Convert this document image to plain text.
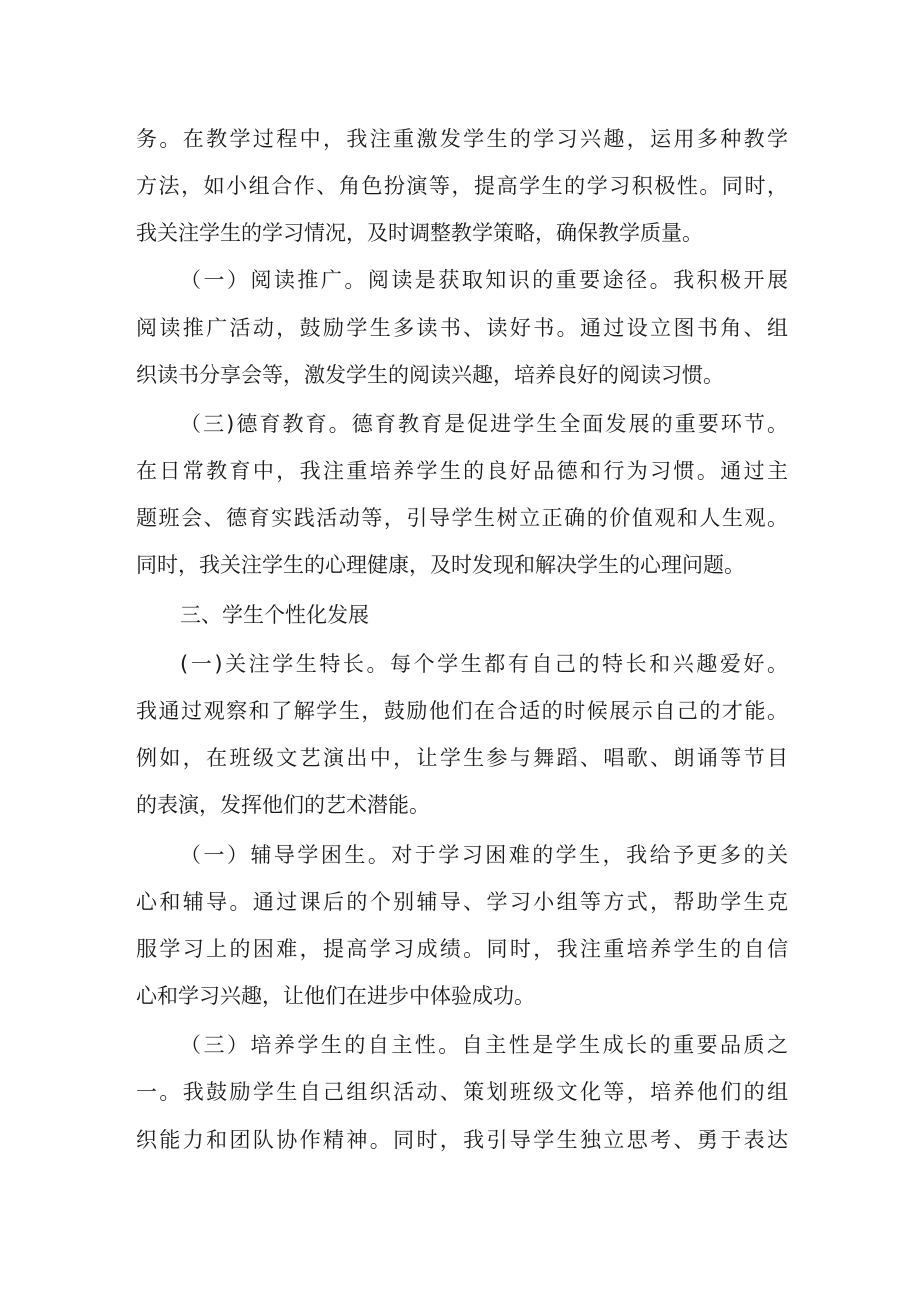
务。在教学过程中，我注重激发学生的学习兴趣，运用多种教学
方法，如小组合作、角色扮演等，提高学生的学习积极性。同时，
我关注学生的学习情况，及时调整教学策略，确保教学质量。
（一）阅读推广。阅读是获取知识的重要途径。我积极开展
阅读推广活动，鼓励学生多读书、读好书。通过设立图书角、组
织读书分享会等，激发学生的阅读兴趣，培养良好的阅读习惯。
（三)德育教育。德育教育是促进学生全面发展的重要环节。
在日常教育中，我注重培养学生的良好品德和行为习惯。通过主
题班会、德育实践活动等，引导学生树立正确的价值观和人生观。
同时，我关注学生的心理健康，及时发现和解决学生的心理问题。
三、学生个性化发展
(一)关注学生特长。每个学生都有自己的特长和兴趣爱好。
我通过观察和了解学生，鼓励他们在合适的时候展示自己的才能。
例如，在班级文艺演出中，让学生参与舞蹈、唱歌、朗诵等节目
的表演，发挥他们的艺术潜能。
（一）辅导学困生。对于学习困难的学生，我给予更多的关
心和辅导。通过课后的个别辅导、学习小组等方式，帮助学生克
服学习上的困难，提高学习成绩。同时，我注重培养学生的自信
心和学习兴趣，让他们在进步中体验成功。
（三）培养学生的自主性。自主性是学生成长的重要品质之
一。我鼓励学生自己组织活动、策划班级文化等，培养他们的组
织能力和团队协作精神。同时，我引导学生独立思考、勇于表达
